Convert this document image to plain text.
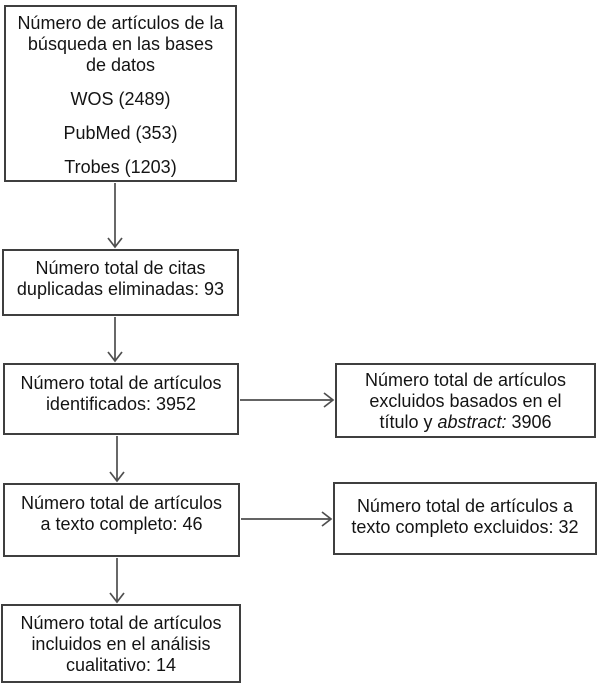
Número de artículos de la
búsqueda en las bases
de datos
WOS (2489)
PubMed (353)
Trobes (1203)
Número total de citas
duplicadas eliminadas: 93
Número total de artículos
identificados: 3952
Número total de artículos
excluidos basados en el
título y abstract: 3906
Número total de artículos
a texto completo: 46
Número total de artículos a
texto completo excluidos: 32
Número total de artículos
incluidos en el análisis
cualitativo: 14
